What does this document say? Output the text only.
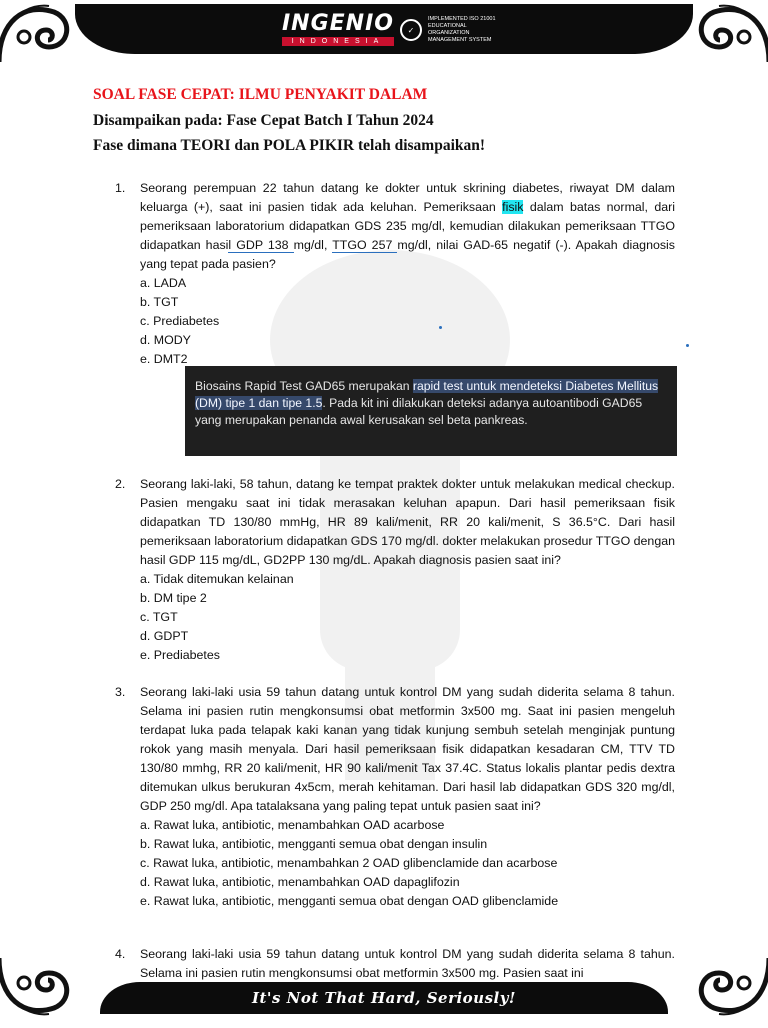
INGENIO
INDONESIA
✓
IMPLEMENTED ISO 21001
EDUCATIONAL
ORGANIZATION
MANAGEMENT SYSTEM
SOAL FASE CEPAT: ILMU PENYAKIT DALAM
Disampaikan pada: Fase Cepat Batch I Tahun 2024
Fase dimana TEORI dan POLA PIKIR telah disampaikan!
1. Seorang perempuan 22 tahun datang ke dokter untuk skrining diabetes, riwayat DM dalam keluarga (+), saat ini pasien tidak ada keluhan. Pemeriksaan fisik dalam batas normal, dari pemeriksaan laboratorium didapatkan GDS 235 mg/dl, kemudian dilakukan pemeriksaan TTGO didapatkan hasil GDP 138 mg/dl, TTGO 257 mg/dl, nilai GAD-65 negatif (-). Apakah diagnosis yang tepat pada pasien?
a. LADA
b. TGT
c. Prediabetes
d. MODY
e. DMT2
Biosains Rapid Test GAD65 merupakan rapid test untuk mendeteksi Diabetes Mellitus (DM) tipe 1 dan tipe 1.5. Pada kit ini dilakukan deteksi adanya autoantibodi GAD65 yang merupakan penanda awal kerusakan sel beta pankreas.
2. Seorang laki-laki, 58 tahun, datang ke tempat praktek dokter untuk melakukan medical checkup. Pasien mengaku saat ini tidak merasakan keluhan apapun. Dari hasil pemeriksaan fisik didapatkan TD 130/80 mmHg, HR 89 kali/menit, RR 20 kali/menit, S 36.5°C. Dari hasil pemeriksaan laboratorium didapatkan GDS 170 mg/dl. dokter melakukan prosedur TTGO dengan hasil GDP 115 mg/dL, GD2PP 130 mg/dL. Apakah diagnosis pasien saat ini?
a. Tidak ditemukan kelainan
b. DM tipe 2
c. TGT
d. GDPT
e. Prediabetes
3. Seorang laki-laki usia 59 tahun datang untuk kontrol DM yang sudah diderita selama 8 tahun. Selama ini pasien rutin mengkonsumsi obat metformin 3x500 mg. Saat ini pasien mengeluh terdapat luka pada telapak kaki kanan yang tidak kunjung sembuh setelah menginjak puntung rokok yang masih menyala. Dari hasil pemeriksaan fisik didapatkan kesadaran CM, TTV TD 130/80 mmhg, RR 20 kali/menit, HR 90 kali/menit Tax 37.4C. Status lokalis plantar pedis dextra ditemukan ulkus berukuran 4x5cm, merah kehitaman. Dari hasil lab didapatkan GDS 320 mg/dl, GDP 250 mg/dl. Apa tatalaksana yang paling tepat untuk pasien saat ini?
a. Rawat luka, antibiotic, menambahkan OAD acarbose
b. Rawat luka, antibiotic, mengganti semua obat dengan insulin
c. Rawat luka, antibiotic, menambahkan 2 OAD glibenclamide dan acarbose
d. Rawat luka, antibiotic, menambahkan OAD dapaglifozin
e. Rawat luka, antibiotic, mengganti semua obat dengan OAD glibenclamide
4. Seorang laki-laki usia 59 tahun datang untuk kontrol DM yang sudah diderita selama 8 tahun. Selama ini pasien rutin mengkonsumsi obat metformin 3x500 mg. Pasien saat ini
It's Not That Hard, Seriously!
